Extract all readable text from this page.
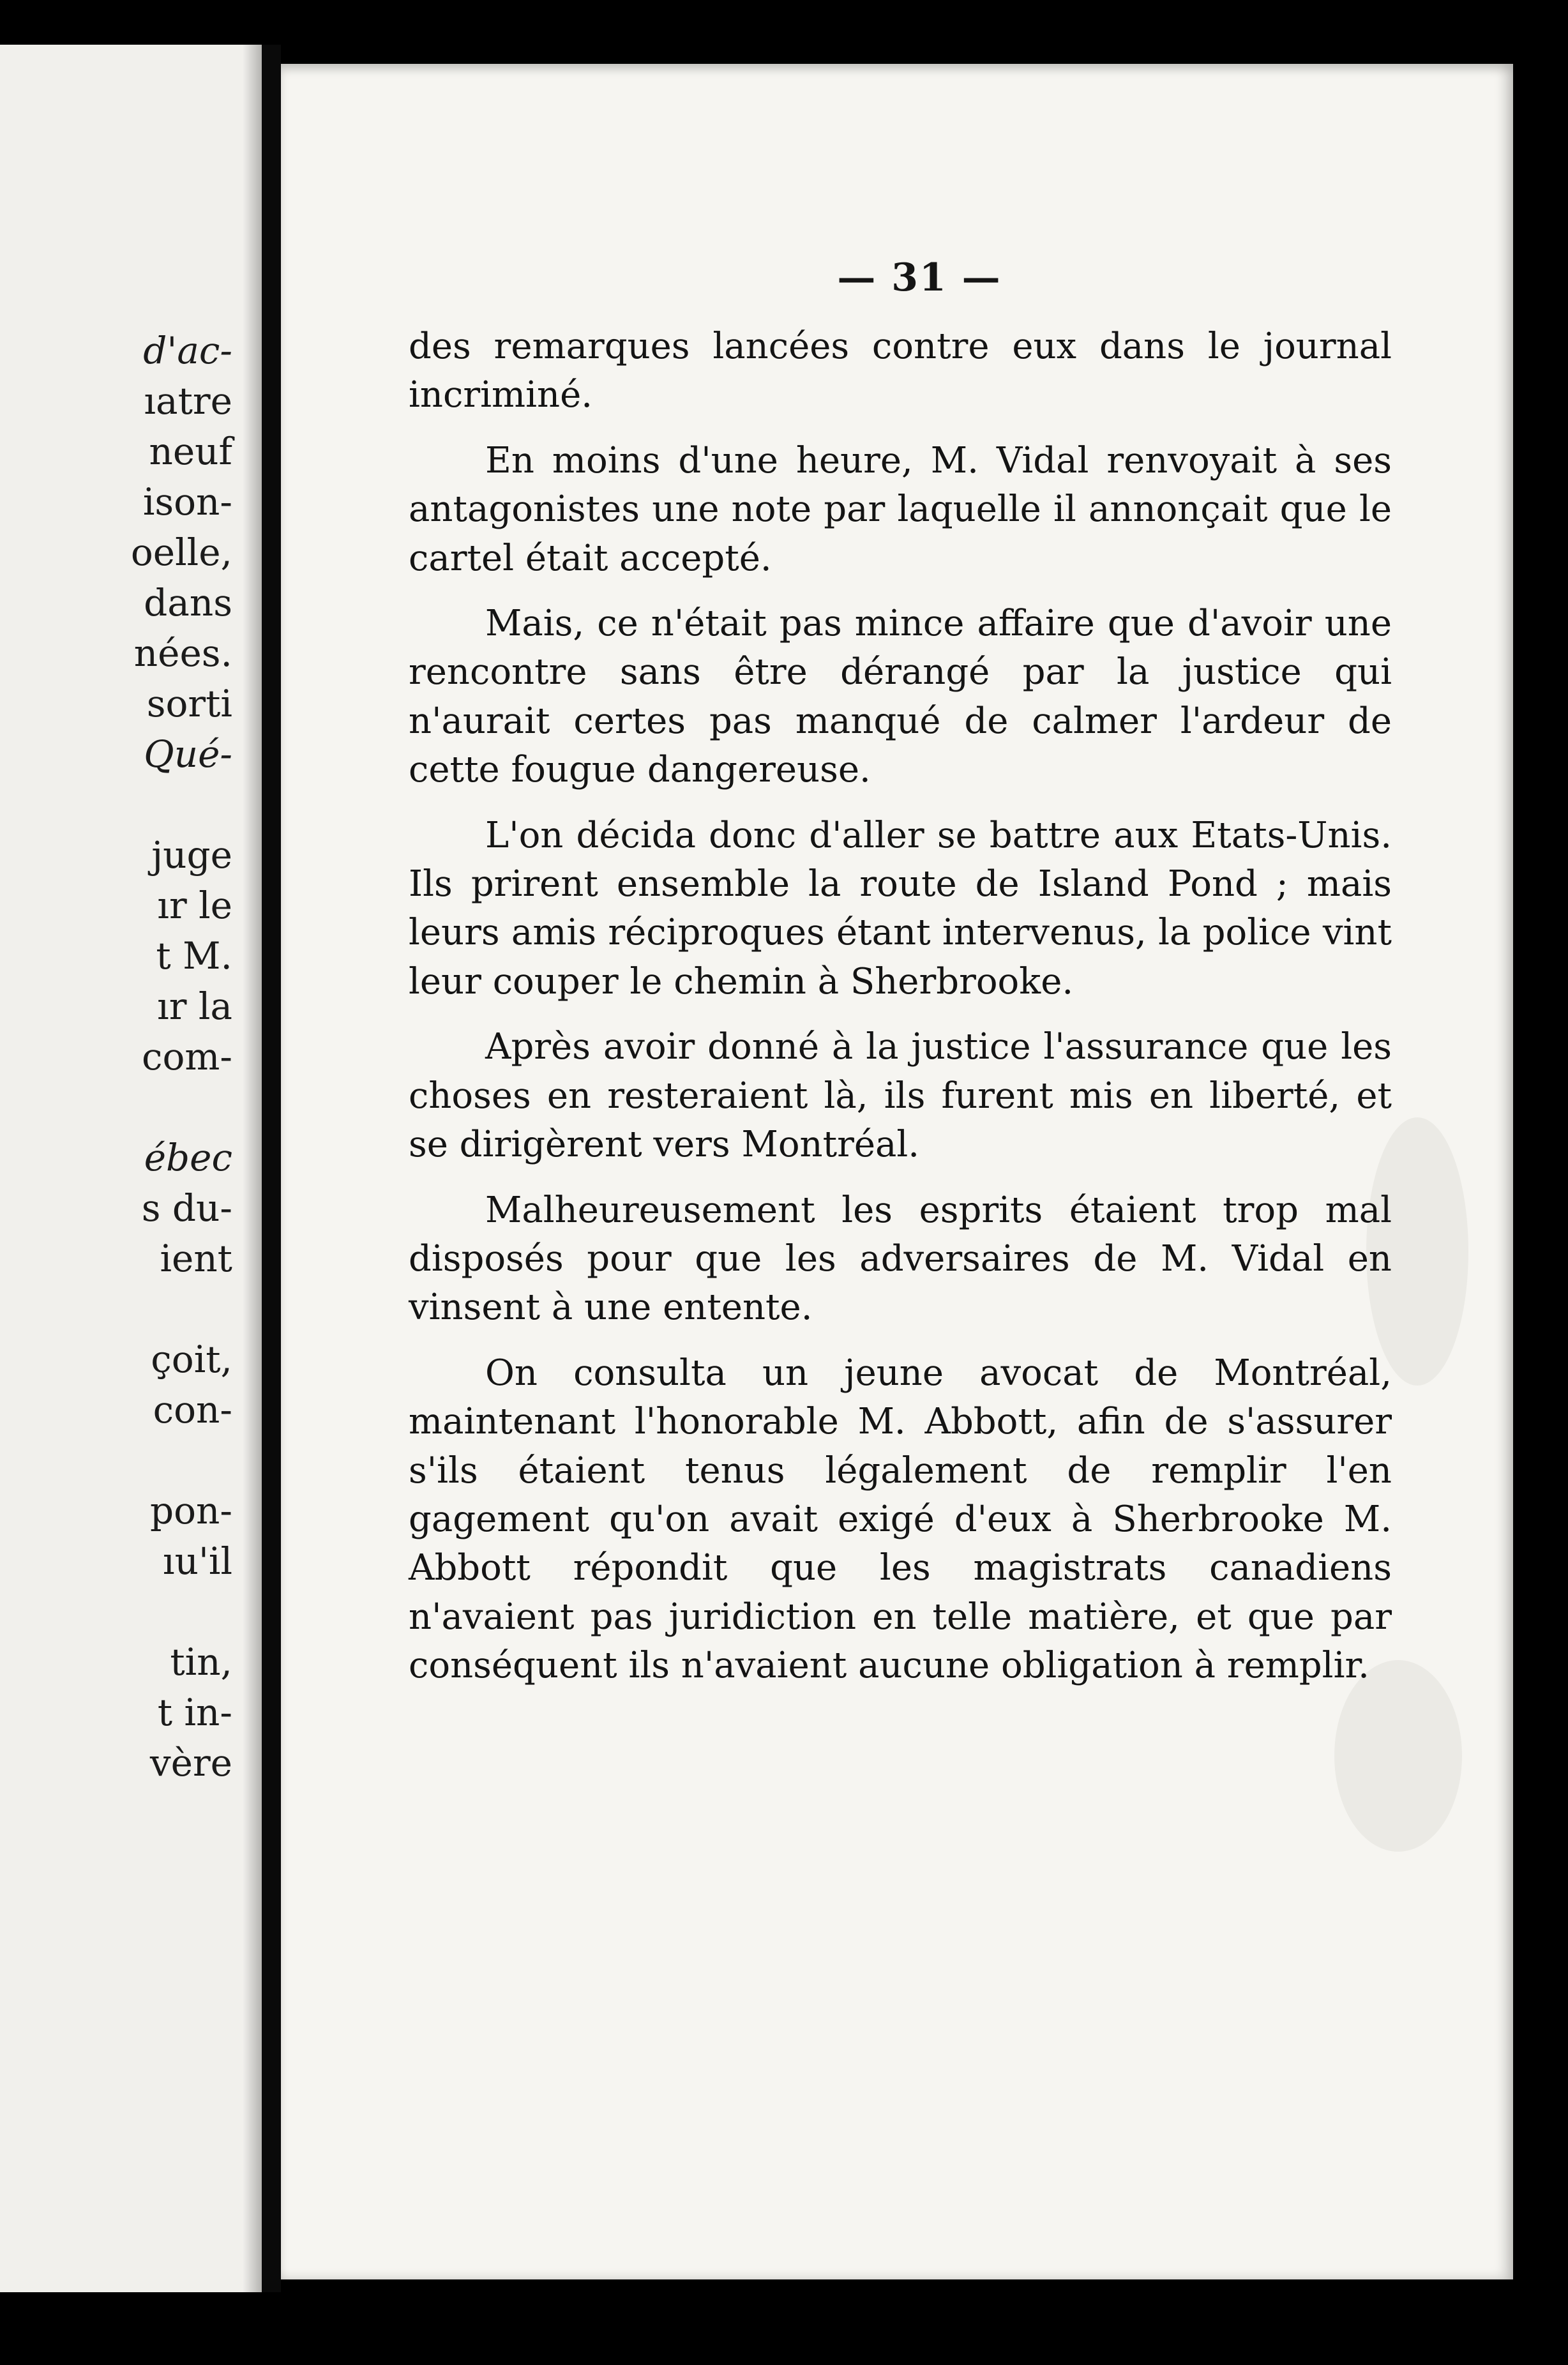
d'ac-
ıatre
neuf
ison-
oelle,
dans
nées.
sorti
Qué-
juge
ır le
t M.
ır la
com-
ébec
s du-
ient
çoit,
con-
pon-
ıu'il
tin,
t in-
vère
— 31 —

des remarques lancées contre eux dans le journal incriminé.

En moins d'une heure, M. Vidal renvoyait à ses antagonistes une note par laquelle il annonçait que le cartel était accepté.

Mais, ce n'était pas mince affaire que d'avoir une rencontre sans être dérangé par la justice qui n'aurait certes pas manqué de calmer l'ardeur de cette fougue dangereuse.

L'on décida donc d'aller se battre aux Etats-Unis. Ils prirent ensemble la route de Island Pond ; mais leurs amis réciproques étant intervenus, la police vint leur couper le chemin à Sherbrooke.

Après avoir donné à la justice l'assurance que les choses en resteraient là, ils furent mis en liberté, et se dirigèrent vers Montréal.

Malheureusement les esprits étaient trop mal disposés pour que les adversaires de M. Vidal en vinsent à une entente.

On consulta un jeune avocat de Montréal, maintenant l'honorable M. Abbott, afin de s'assurer s'ils étaient tenus légalement de remplir l'en gagement qu'on avait exigé d'eux à Sherbrooke M. Abbott répondit que les magistrats canadiens n'avaient pas juridiction en telle matière, et que par conséquent ils n'avaient aucune obligation à remplir.
